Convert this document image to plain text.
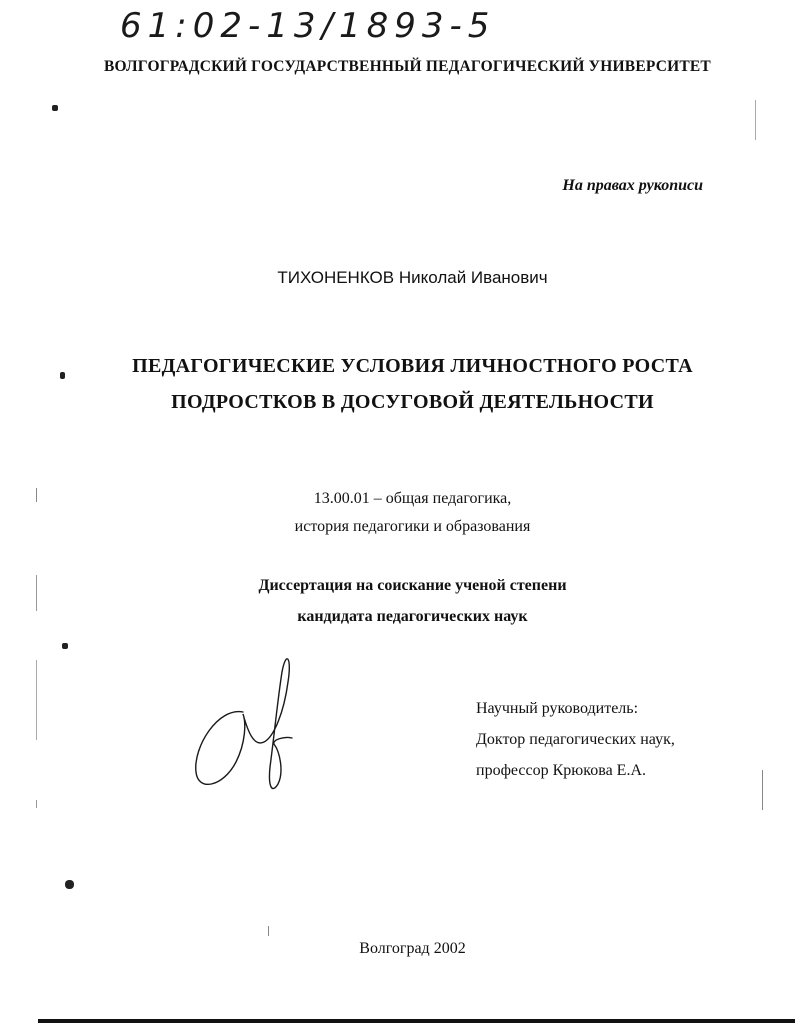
61:02-13/1893-5
ВОЛГОГРАДСКИЙ ГОСУДАРСТВЕННЫЙ ПЕДАГОГИЧЕСКИЙ УНИВЕРСИТЕТ
На правах рукописи
ТИХОНЕНКОВ Николай Иванович
ПЕДАГОГИЧЕСКИЕ УСЛОВИЯ ЛИЧНОСТНОГО РОСТА
ПОДРОСТКОВ В ДОСУГОВОЙ ДЕЯТЕЛЬНОСТИ
13.00.01 – общая педагогика,
история педагогики и образования
Диссертация на соискание ученой степени
кандидата педагогических наук
Научный руководитель:
Доктор педагогических наук,
профессор Крюкова Е.А.
Волгоград 2002
